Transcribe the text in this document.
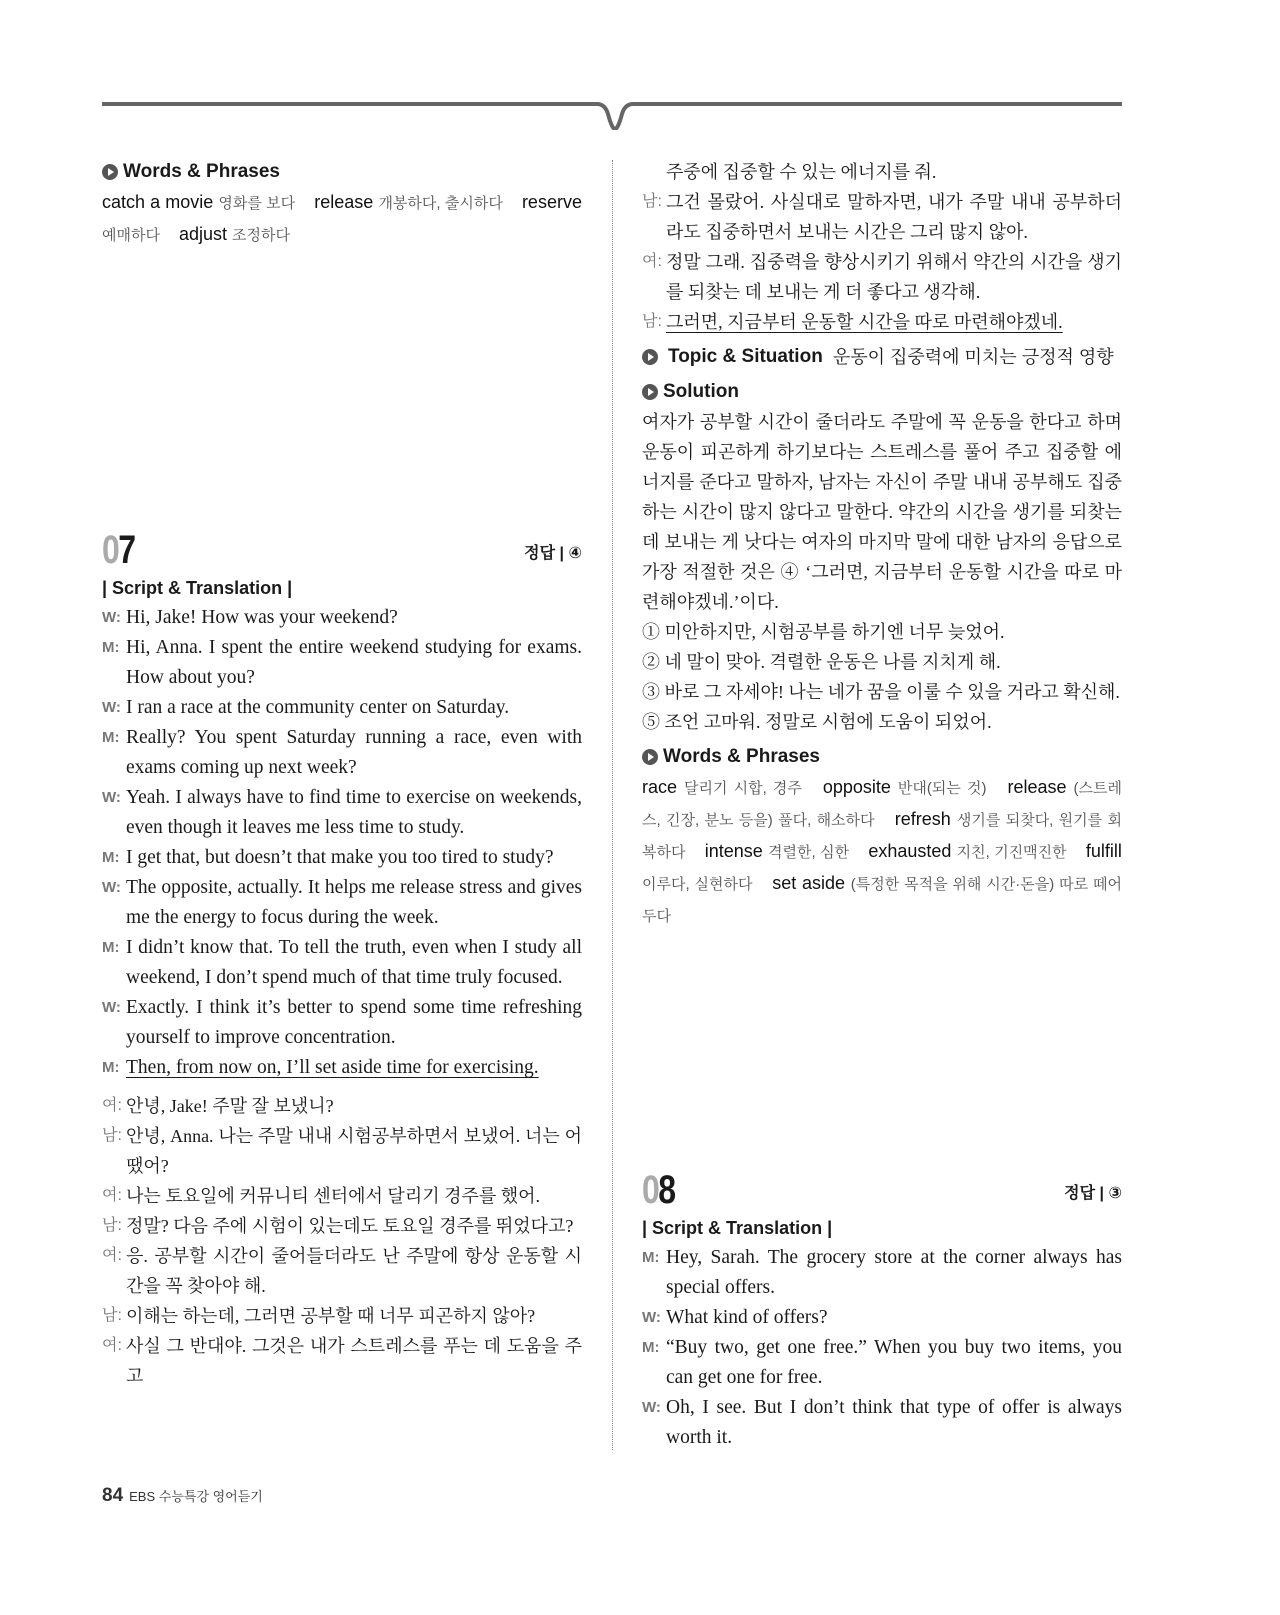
Words & Phrases
catch a movie 영화를 보다 release 개봉하다, 출시하다 reserve 예매하다 adjust 조정하다
07	정답 | ④
| Script & Translation |
W: Hi, Jake! How was your weekend?
M: Hi, Anna. I spent the entire weekend studying for exams. How about you?
W: I ran a race at the community center on Saturday.
M: Really? You spent Saturday running a race, even with exams coming up next week?
W: Yeah. I always have to find time to exercise on weekends, even though it leaves me less time to study.
M: I get that, but doesn’t that make you too tired to study?
W: The opposite, actually. It helps me release stress and gives me the energy to focus during the week.
M: I didn’t know that. To tell the truth, even when I study all weekend, I don’t spend much of that time truly focused.
W: Exactly. I think it’s better to spend some time refreshing yourself to improve concentration.
M: Then, from now on, I’ll set aside time for exercising.
여: 안녕, Jake! 주말 잘 보냈니?
남: 안녕, Anna. 나는 주말 내내 시험공부하면서 보냈어. 너는 어땠어?
여: 나는 토요일에 커뮤니티 센터에서 달리기 경주를 했어.
남: 정말? 다음 주에 시험이 있는데도 토요일 경주를 뛰었다고?
여: 응. 공부할 시간이 줄어들더라도 난 주말에 항상 운동할 시간을 꼭 찾아야 해.
남: 이해는 하는데, 그러면 공부할 때 너무 피곤하지 않아?
여: 사실 그 반대야. 그것은 내가 스트레스를 푸는 데 도움을 주고
주중에 집중할 수 있는 에너지를 줘.
남: 그건 몰랐어. 사실대로 말하자면, 내가 주말 내내 공부하더라도 집중하면서 보내는 시간은 그리 많지 않아.
여: 정말 그래. 집중력을 향상시키기 위해서 약간의 시간을 생기를 되찾는 데 보내는 게 더 좋다고 생각해.
남: 그러면, 지금부터 운동할 시간을 따로 마련해야겠네.
Topic & Situation 운동이 집중력에 미치는 긍정적 영향
Solution
여자가 공부할 시간이 줄더라도 주말에 꼭 운동을 한다고 하며 운동이 피곤하게 하기보다는 스트레스를 풀어 주고 집중할 에너지를 준다고 말하자, 남자는 자신이 주말 내내 공부해도 집중하는 시간이 많지 않다고 말한다. 약간의 시간을 생기를 되찾는 데 보내는 게 낫다는 여자의 마지막 말에 대한 남자의 응답으로 가장 적절한 것은 ④ ‘그러면, 지금부터 운동할 시간을 따로 마련해야겠네.’이다.
① 미안하지만, 시험공부를 하기엔 너무 늦었어.
② 네 말이 맞아. 격렬한 운동은 나를 지치게 해.
③ 바로 그 자세야! 나는 네가 꿈을 이룰 수 있을 거라고 확신해.
⑤ 조언 고마워. 정말로 시험에 도움이 되었어.
Words & Phrases
race 달리기 시합, 경주 opposite 반대(되는 것) release (스트레스, 긴장, 분노 등을) 풀다, 해소하다 refresh 생기를 되찾다, 원기를 회복하다 intense 격렬한, 심한 exhausted 지친, 기진맥진한 fulfill 이루다, 실현하다 set aside (특정한 목적을 위해 시간·돈을) 따로 떼어 두다
08	정답 | ③
| Script & Translation |
M: Hey, Sarah. The grocery store at the corner always has special offers.
W: What kind of offers?
M: “Buy two, get one free.” When you buy two items, you can get one for free.
W: Oh, I see. But I don’t think that type of offer is always worth it.
84 EBS 수능특강 영어듣기
